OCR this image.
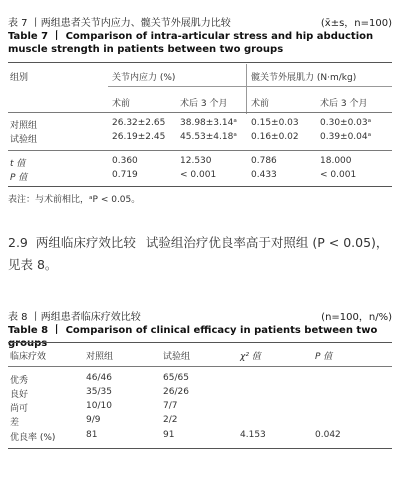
表 7 丨两组患者关节内应力、髋关节外展肌力比较	(x̄±s，n=100)
Table 7 丨 Comparison of intra-articular stress and hip abduction muscle strength in patients between two groups
组别	关节内应力 (%)	髋关节外展肌力 (N·m/kg)
术前	术后 3 个月	术前	术后 3 个月
对照组	26.32±2.65 38.98±3.14ᵃ 0.15±0.03 0.30±0.03ᵃ
试验组	26.19±2.45 45.53±4.18ᵃ 0.16±0.02 0.39±0.04ᵃ
t 值	0.360	12.530	0.786	18.000
P 值	0.719	< 0.001	0.433	< 0.001
表注：与术前相比，ᵃP < 0.05。
2.9 两组临床疗效比较 试验组治疗优良率高于对照组 (P < 0.05)，见表 8。
表 8 丨两组患者临床疗效比较	(n=100，n/%)
Table 8 丨 Comparison of clinical efficacy in patients between two groups
临床疗效	对照组	试验组	χ² 值	P 值
优秀	46/46	65/65
良好	35/35	26/26
尚可	10/10	7/7
差	9/9	2/2
优良率 (%)	81	91	4.153	0.042
